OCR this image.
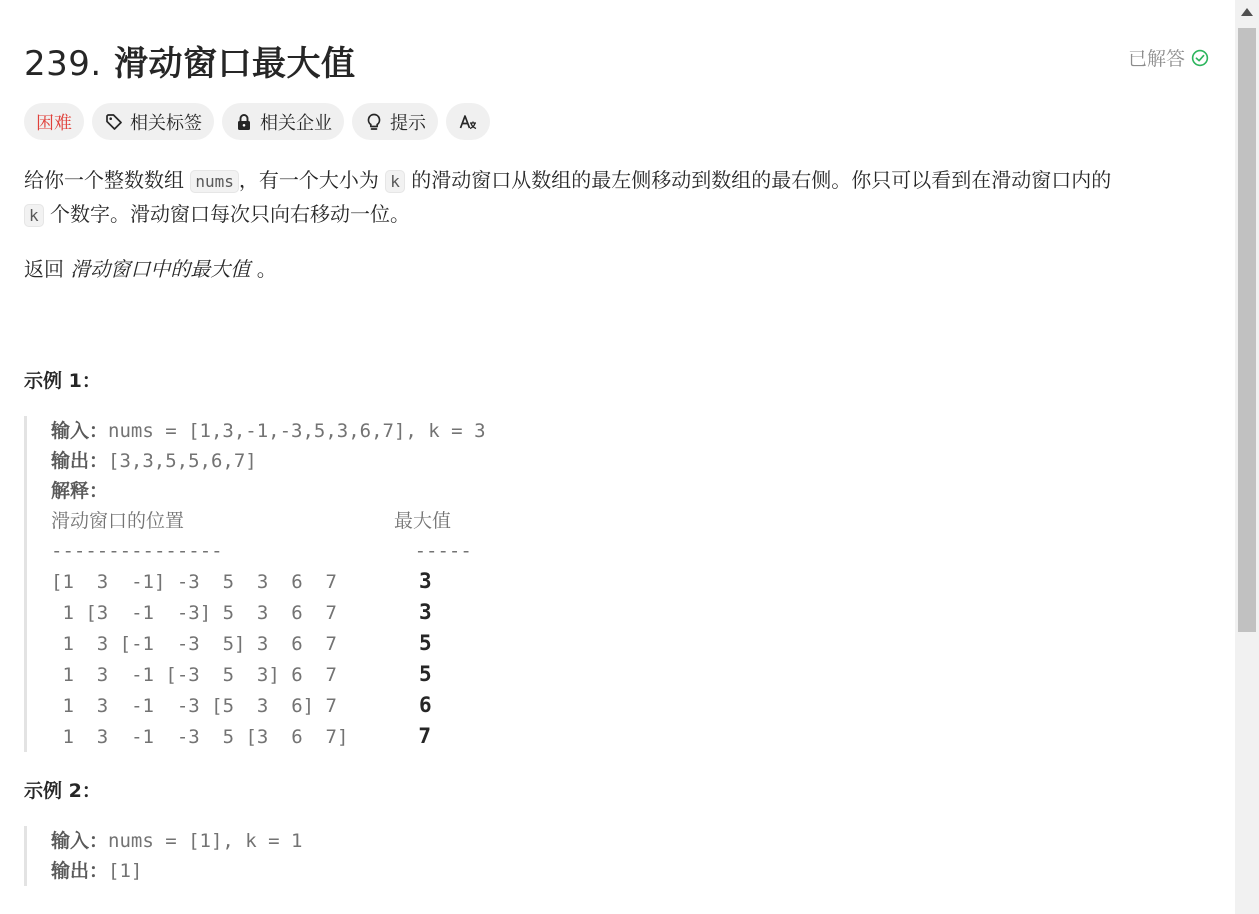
239. 滑动窗口最大值	已解答
困难	相关标签	相关企业	提示

给你一个整数数组 nums ，有一个大小为 k 的滑动窗口从数组的最左侧移动到数组的最右侧。你只可以看到在滑动窗口内的
k 个数字。滑动窗口每次只向右移动一位。

返回 滑动窗口中的最大值 。
示例 1：
输入：nums = [1,3,-1,-3,5,3,6,7], k = 3
输出：[3,3,5,5,6,7]
解释：
滑动窗口的位置	最大值
---------------	-----
[1  3  -1] -3  5  3  6  7	3
1 [3  -1  -3] 5  3  6  7	3
1  3 [-1  -3  5] 3  6  7	5
1  3  -1 [-3  5  3] 6  7	5
1  3  -1  -3 [5  3  6] 7	6
1  3  -1  -3  5 [3  6  7]	7
示例 2：
输入：nums = [1], k = 1
输出：[1]
